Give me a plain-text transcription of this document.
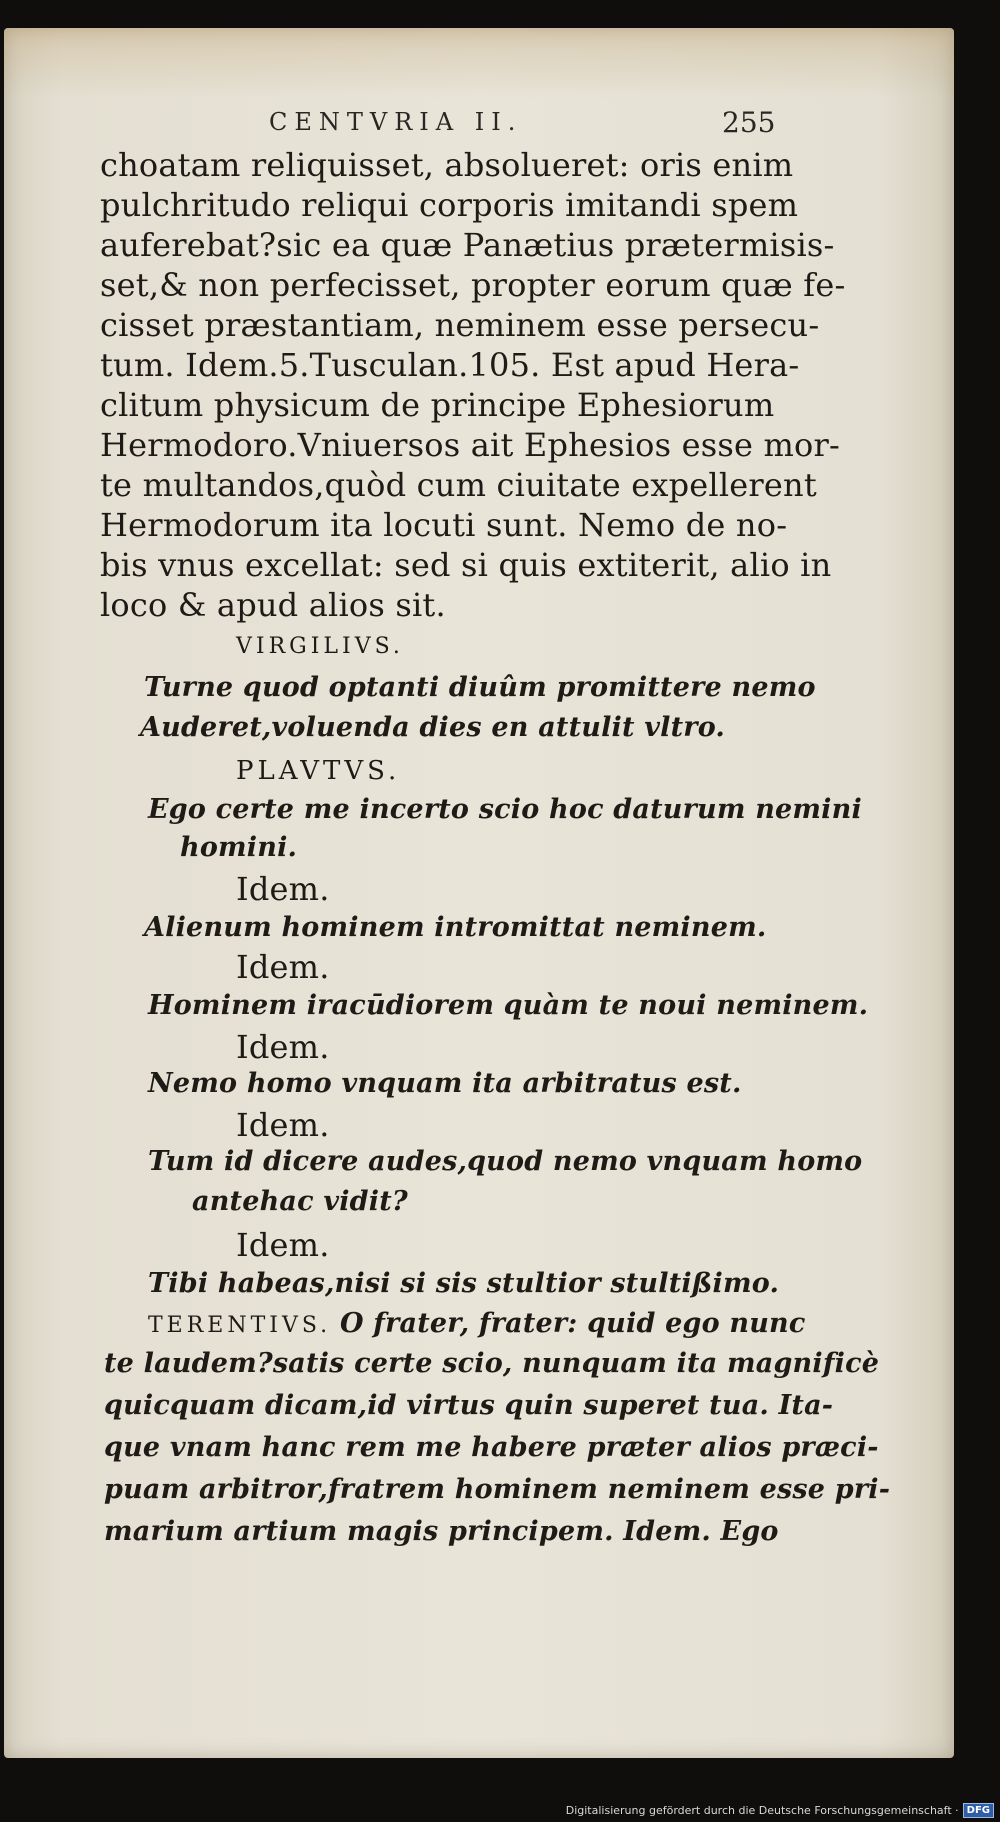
CENTVRIA II.	255
choatam reliquisset, absolueret: oris enim
pulchritudo reliqui corporis imitandi spem
auferebat?sic ea quæ Panætius prætermisis-
set,& non perfecisset, propter eorum quæ fe-
cisset præstantiam, neminem esse persecu-
tum. Idem.5.Tusculan.105. Est apud Hera-
clitum physicum de principe Ephesiorum
Hermodoro.Vniuersos ait Ephesios esse mor-
te multandos,quòd cum ciuitate expellerent
Hermodorum ita locuti sunt. Nemo de no-
bis vnus excellat: sed si quis extiterit, alio in
loco & apud alios sit.
VIRGILIVS.
Turne quod optanti diuûm promittere nemo
Auderet,voluenda dies en attulit vltro.
PLAVTVS.
Ego certe me incerto scio hoc daturum nemini
homini.
Idem.
Alienum hominem intromittat neminem.
Idem.
Hominem iracūdiorem quàm te noui neminem.
Idem.
Nemo homo vnquam ita arbitratus est.
Idem.
Tum id dicere audes,quod nemo vnquam homo
antehac vidit?
Idem.
Tibi habeas,nisi si sis stultior stultißimo.
TERENTIVS. O frater, frater: quid ego nunc
te laudem?satis certe scio, nunquam ita magnificè
quicquam dicam,id virtus quin superet tua. Ita-
que vnam hanc rem me habere præter alios præci-
puam arbitror,fratrem hominem neminem esse pri-
marium artium magis principem. Idem. Ego
Digitalisierung gefördert durch die Deutsche Forschungsgemeinschaft · DFG
